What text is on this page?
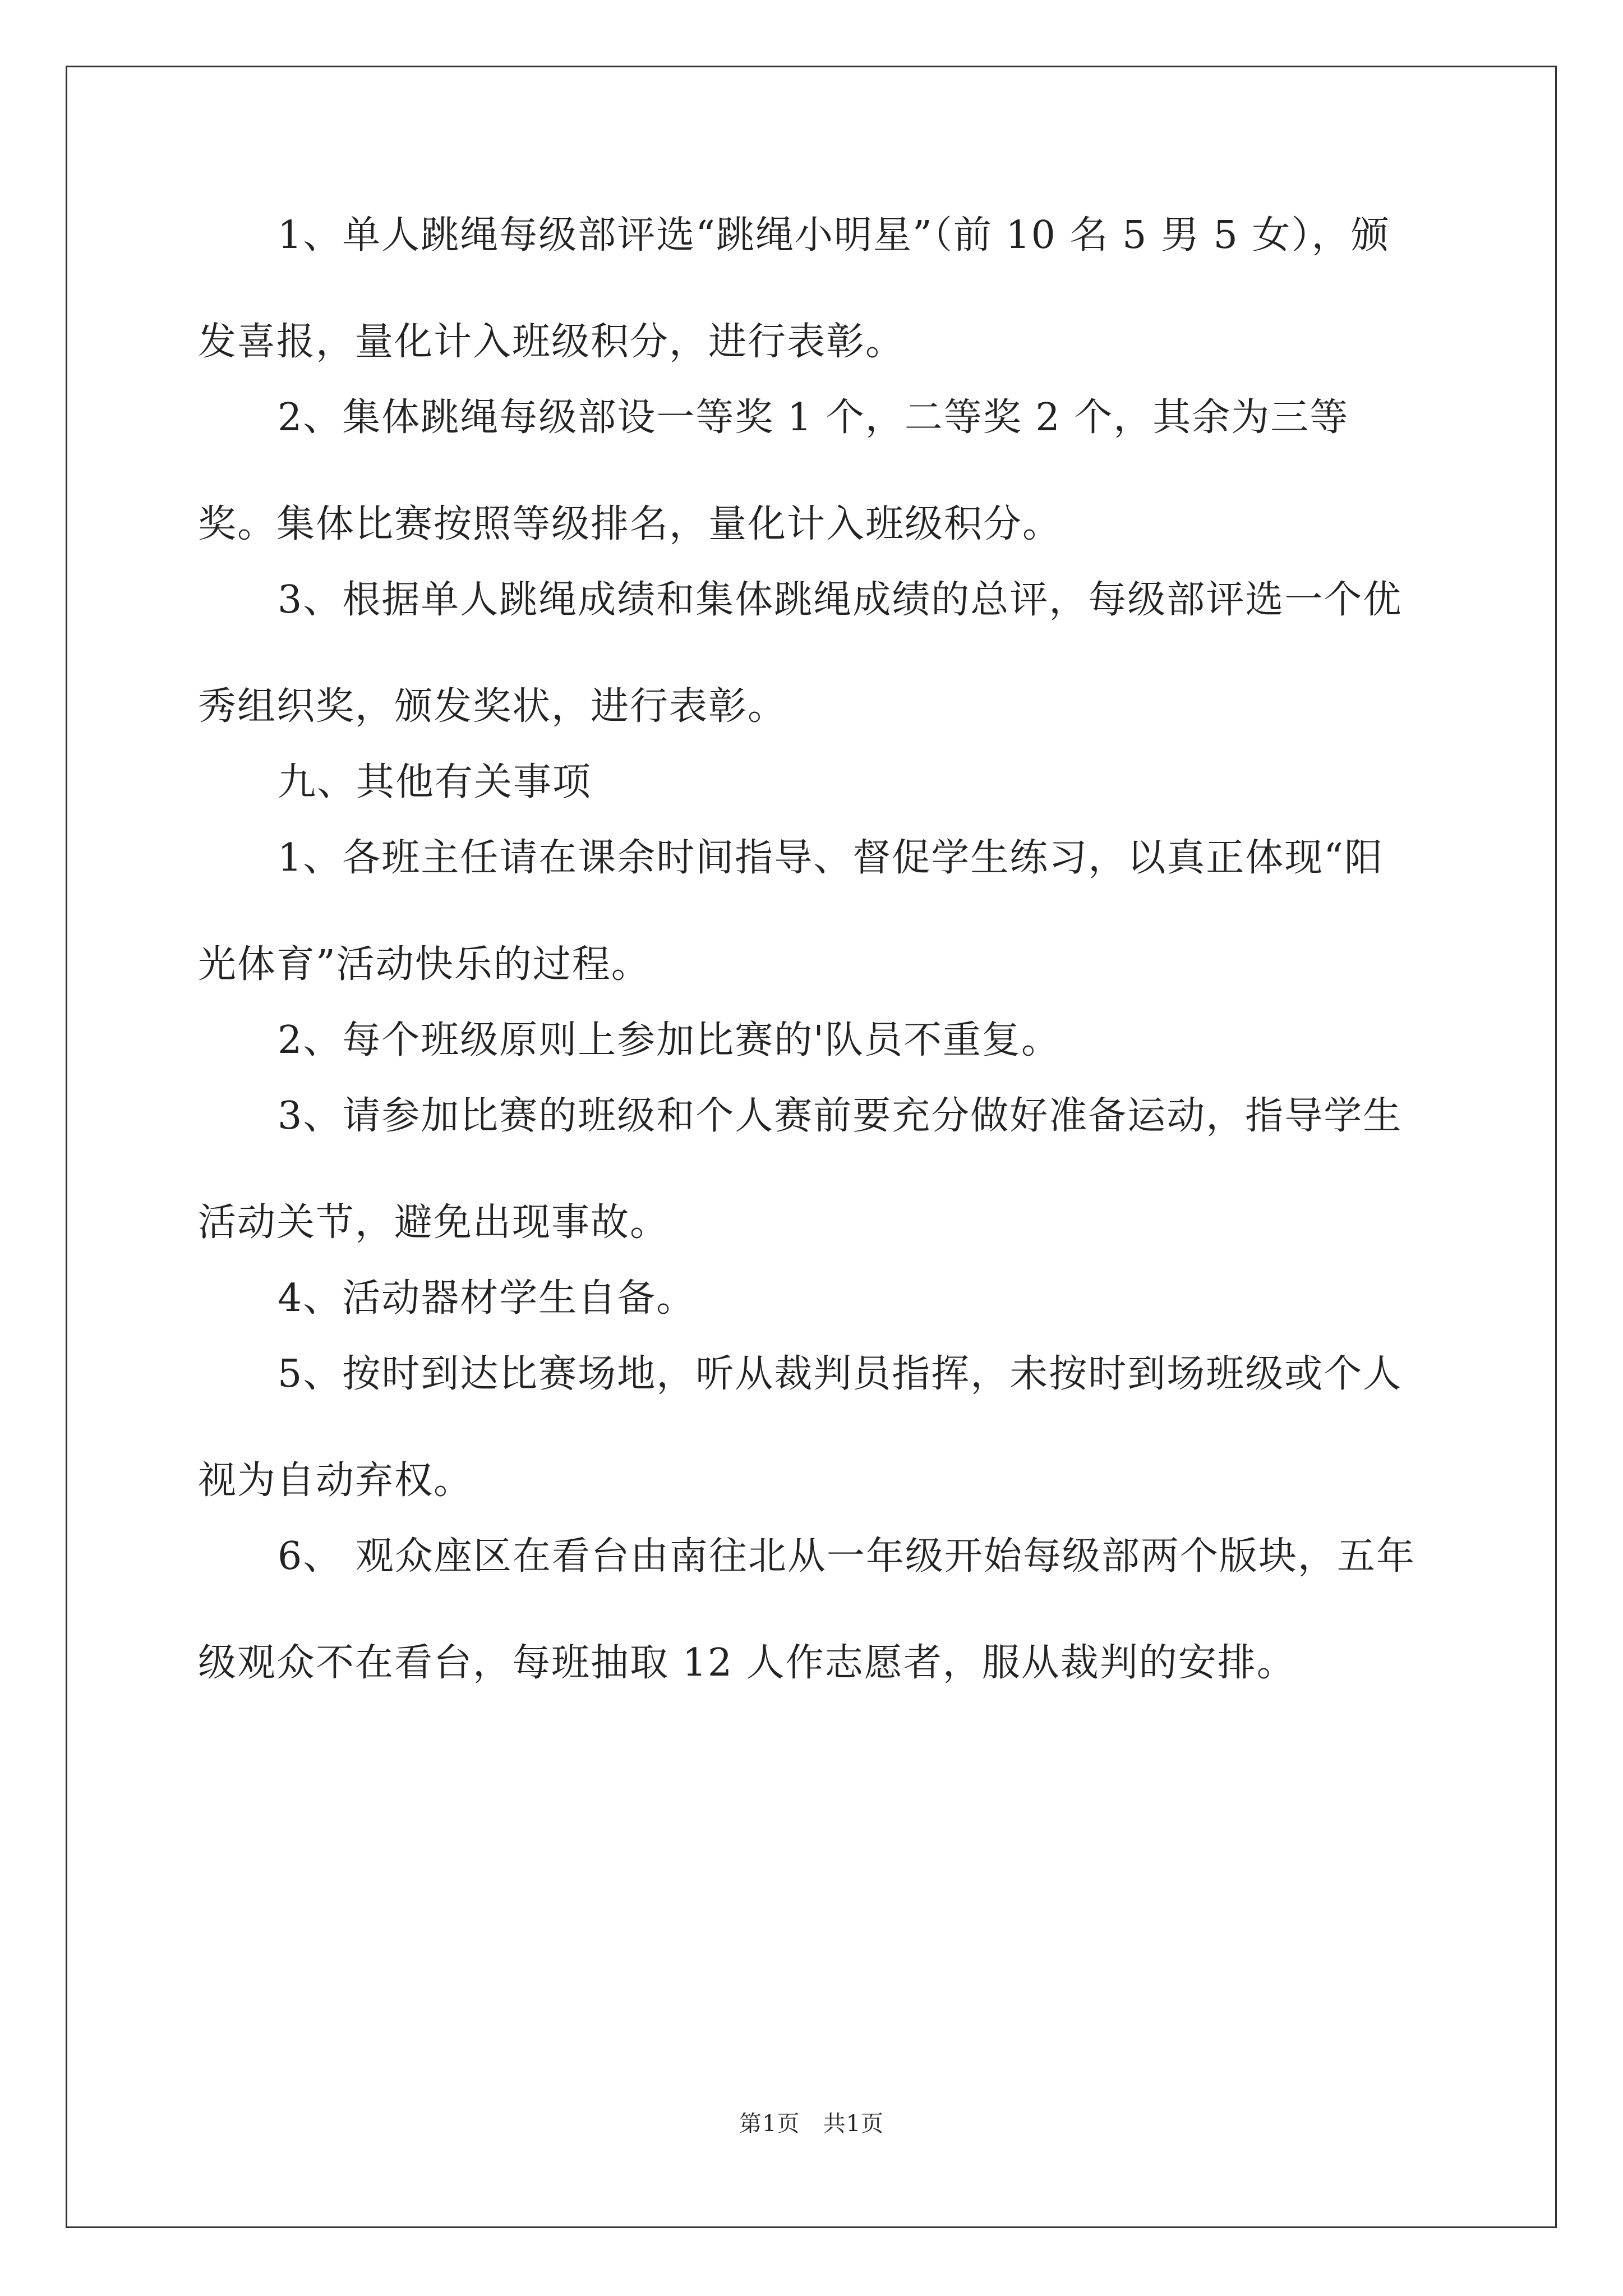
1、单人跳绳每级部评选“跳绳小明星”（前 10 名 5 男 5 女），颁发喜报，量化计入班级积分，进行表彰。

2、集体跳绳每级部设一等奖 1 个，二等奖 2 个，其余为三等奖。集体比赛按照等级排名，量化计入班级积分。

3、根据单人跳绳成绩和集体跳绳成绩的总评，每级部评选一个优秀组织奖，颁发奖状，进行表彰。

九、其他有关事项

1、各班主任请在课余时间指导、督促学生练习，以真正体现“阳光体育”活动快乐的过程。

2、每个班级原则上参加比赛的'队员不重复。

3、请参加比赛的班级和个人赛前要充分做好准备运动，指导学生活动关节，避免出现事故。

4、活动器材学生自备。

5、按时到达比赛场地，听从裁判员指挥，未按时到场班级或个人视为自动弃权。

6、 观众座区在看台由南往北从一年级开始每级部两个版块，五年级观众不在看台，每班抽取 12 人作志愿者，服从裁判的安排。

第1页 共1页
